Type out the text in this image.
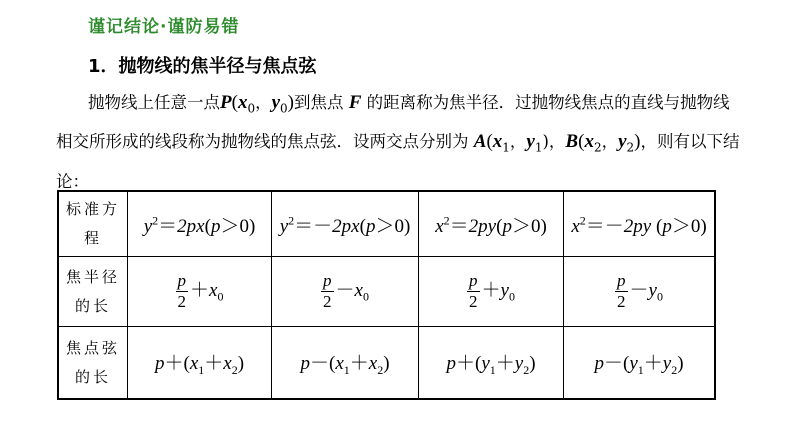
谨记结论·谨防易错
1．抛物线的焦半径与焦点弦
抛物线上任意一点$P(x_0$，$y_0$)到焦点 F 的距离称为焦半径．过抛物线焦点的直线与抛物线相交所形成的线段称为抛物线的焦点弦．设两交点分别为 $A(x_1$，$y_1$)，$B(x_2$，$y_2$)，则有以下结论：
标准方程	$y^2=2px(p>0)$	$y^2=-2px(p>0)$	$x^2=2py(p>0)$	$x^2=-2py$ (p＞0)
焦半径的长	$\frac{p}{2} +x_0$	$\frac{p}{2} -x_0$	$\frac{p}{2} +y_0$	$\frac{p}{2} -y_0$
焦点弦的长	$p+(x_1+x_2)$	$p-(x_1+x_2)$	$p+(y_1+y_2)$	$p-(y_1+y_2)$
